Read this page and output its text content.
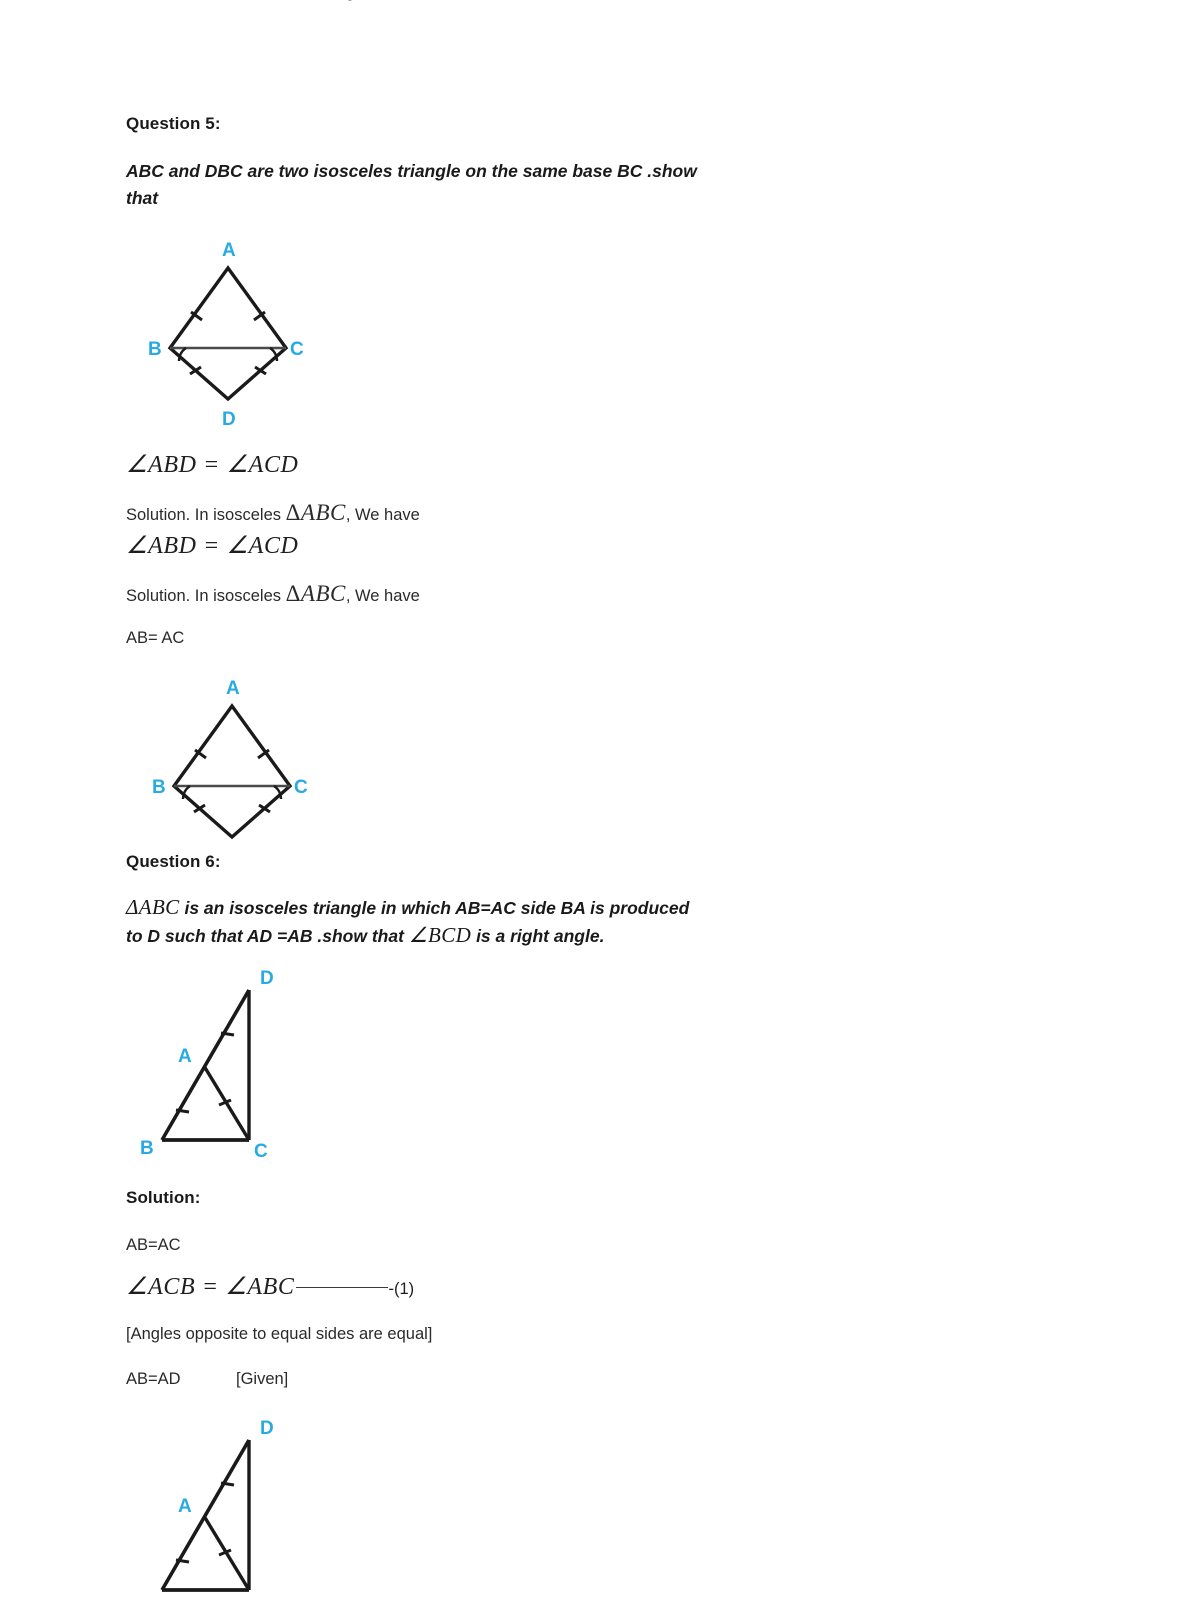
Question 5:
ABC and DBC are two isosceles triangle on the same base BC .show
that
A
B	C
D
∠ABD = ∠ACD
Solution. In isosceles ΔABC, We have
∠ABD = ∠ACD
Solution. In isosceles ΔABC, We have
AB= AC
A
B	C
Question 6:
ΔABC is an isosceles triangle in which AB=AC side BA is produced
to D such that AD =AB .show that ∠BCD is a right angle.
D
A
B	C
Solution:
AB=AC
∠ACB = ∠ABC	-(1)
[Angles opposite to equal sides are equal]
AB=AD	[Given]
D
A
